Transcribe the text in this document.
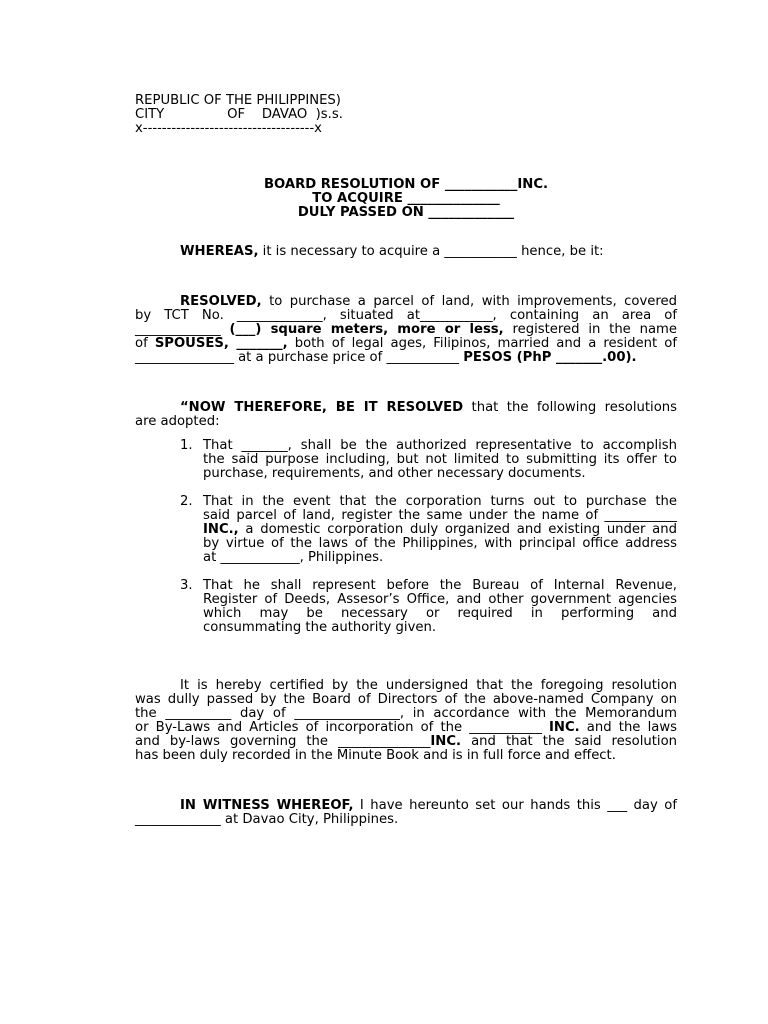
REPUBLIC OF THE PHILIPPINES)
CITY               OF    DAVAO  )s.s.
x------------------------------------x
BOARD RESOLUTION OF ___________INC.
TO ACQUIRE ______________
DULY PASSED ON _____________
WHEREAS, it is necessary to acquire a ___________ hence, be it:
RESOLVED, to purchase a parcel of land, with improvements, covered
by TCT No. _____________, situated at___________, containing an area of
_____________ (___) square meters, more or less, registered in the name
of SPOUSES, _______, both of legal ages, Filipinos, married and a resident of
_______________ at a purchase price of ___________ PESOS (PhP _______.00).
“NOW THEREFORE, BE IT RESOLVED that the following resolutions
are adopted:
1. That _______, shall be the authorized representative to accomplish
the said purpose including, but not limited to submitting its offer to
purchase, requirements, and other necessary documents.
2. That in the event that the corporation turns out to purchase the
said parcel of land, register the same under the name of ___________
INC., a domestic corporation duly organized and existing under and
by virtue of the laws of the Philippines, with principal office address
at ____________, Philippines.
3. That he shall represent before the Bureau of Internal Revenue,
Register of Deeds, Assesor’s Office, and other government agencies
which may be necessary or required in performing and
consummating the authority given.
It is hereby certified by the undersigned that the foregoing resolution
was dully passed by the Board of Directors of the above-named Company on
the __________ day of ________________, in accordance with the Memorandum
or By-Laws and Articles of incorporation of the ___________ INC. and the laws
and by-laws governing the ______________INC. and that the said resolution
has been duly recorded in the Minute Book and is in full force and effect.
IN WITNESS WHEREOF, I have hereunto set our hands this ___ day of
_____________ at Davao City, Philippines.
